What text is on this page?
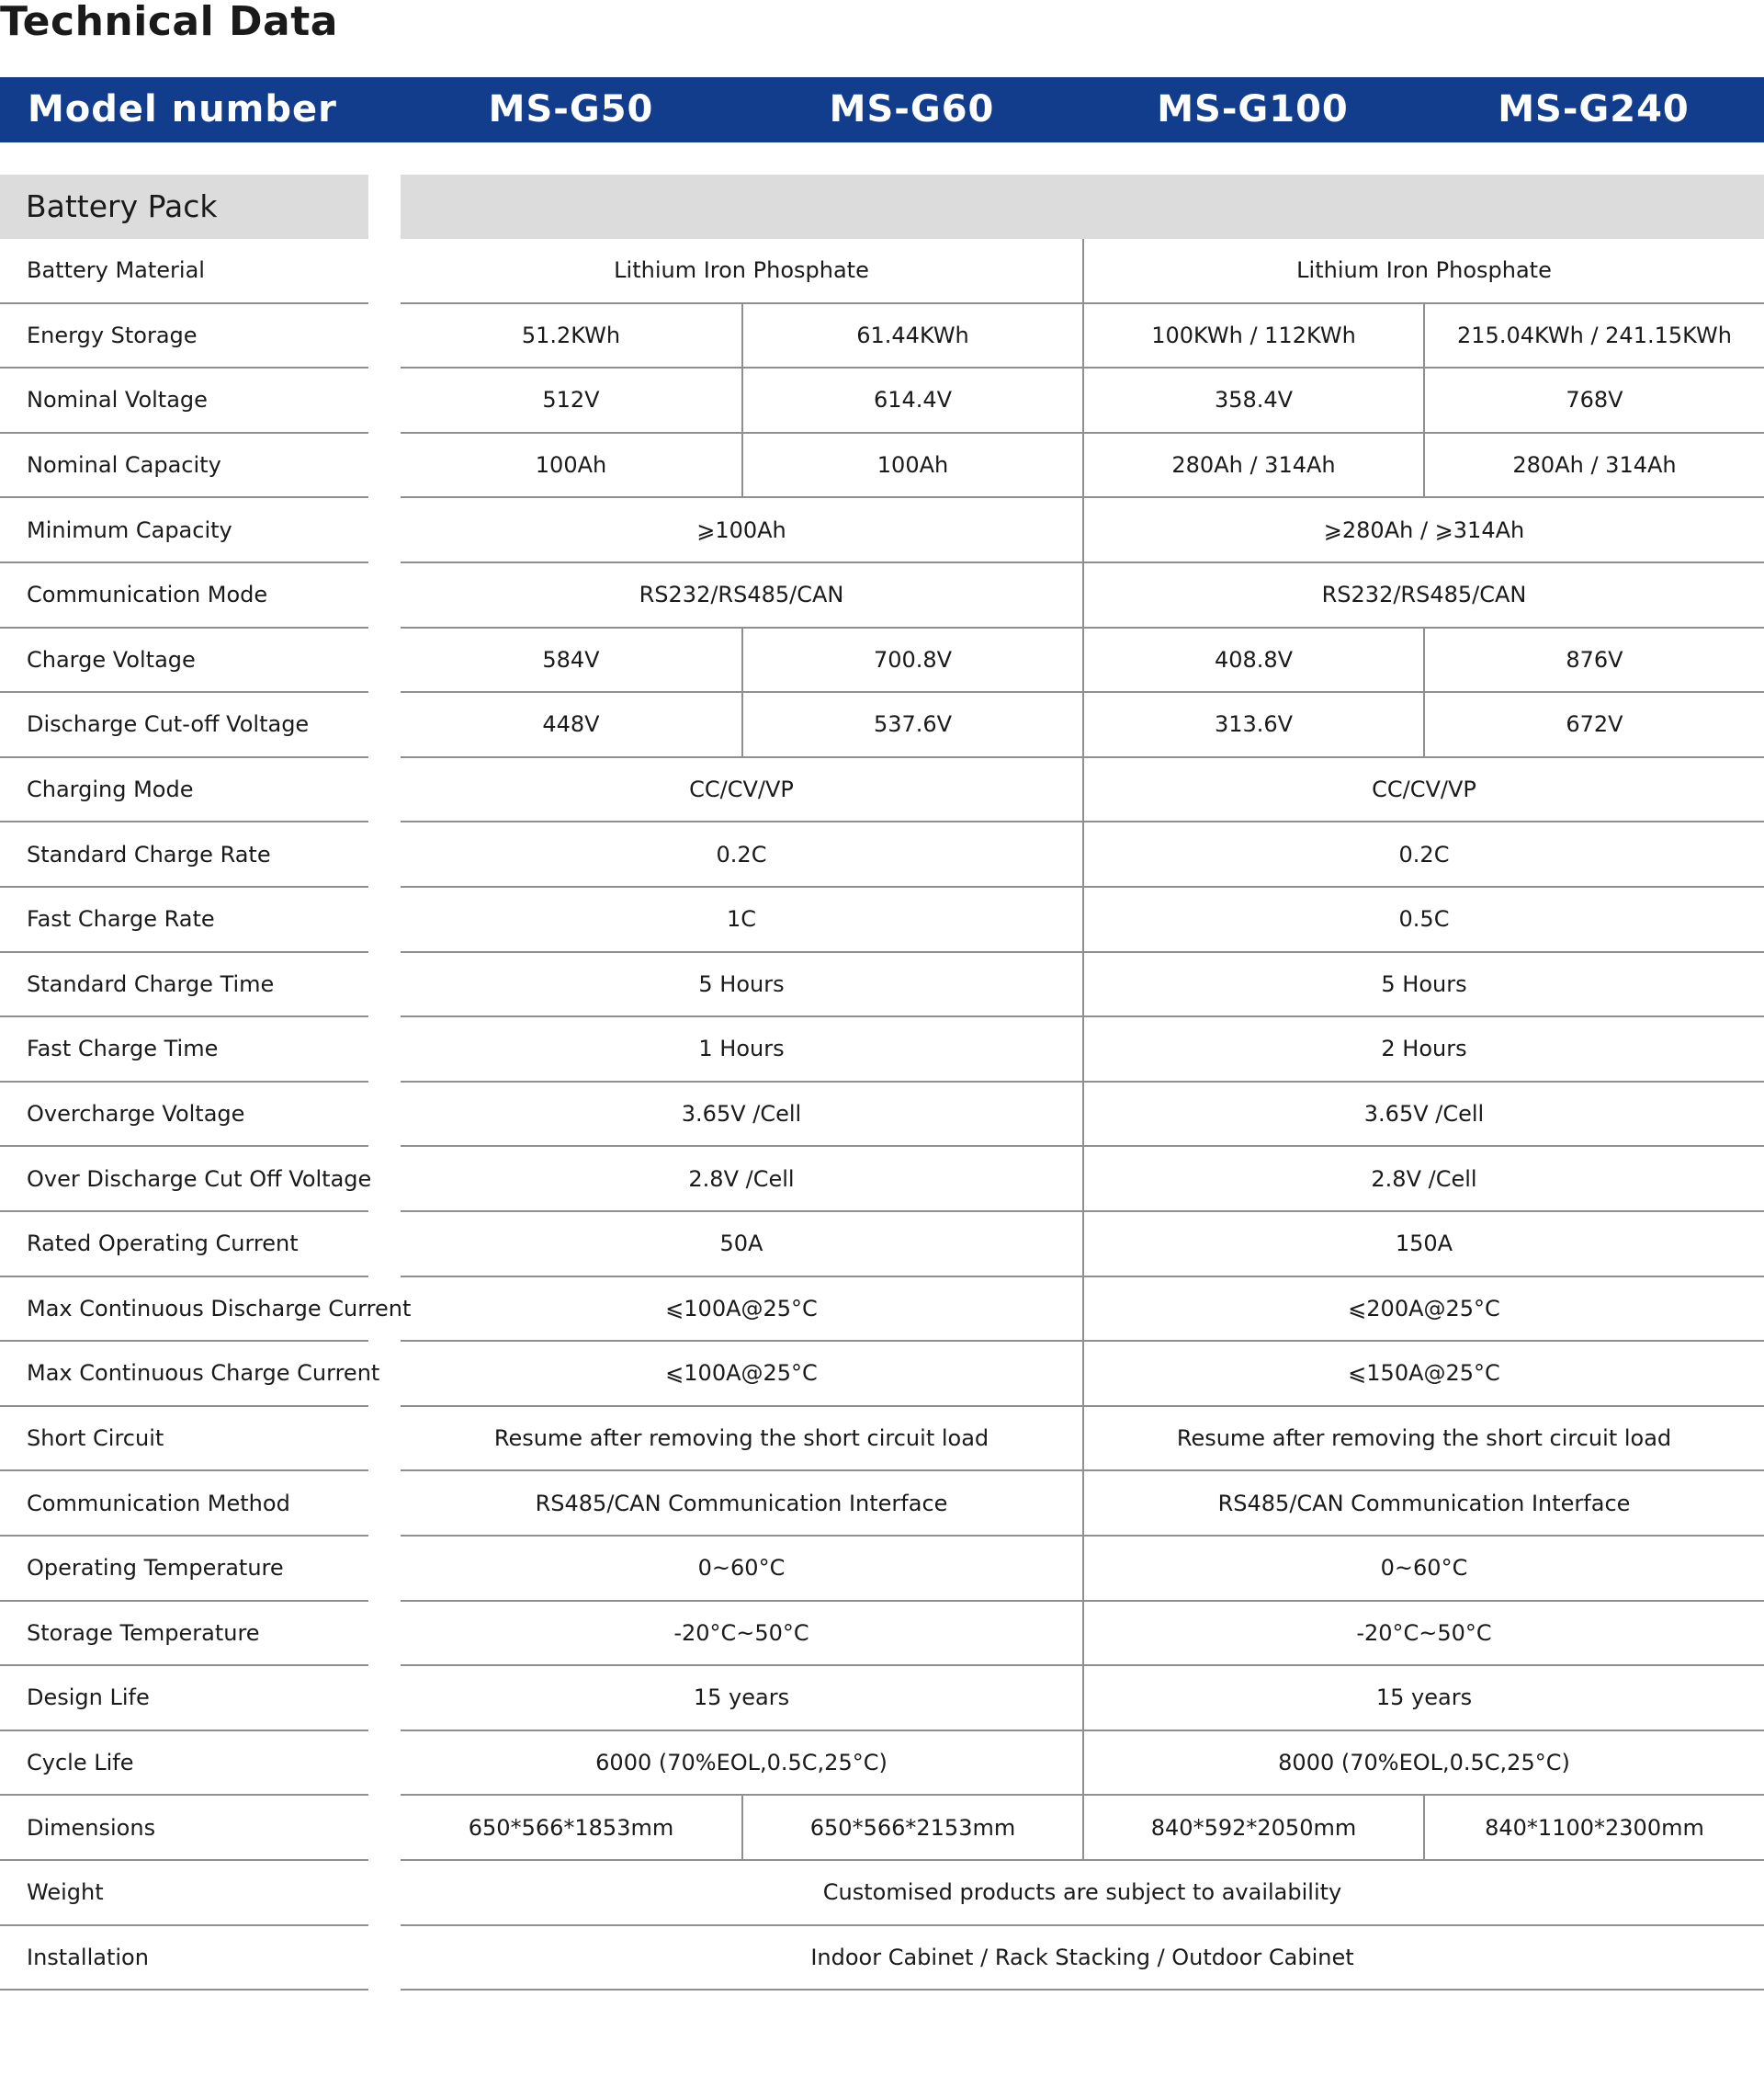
Technical Data
Model number	MS-G50	MS-G60	MS-G100	MS-G240
Battery Pack
Battery Material	Lithium Iron Phosphate	Lithium Iron Phosphate
Energy Storage	51.2KWh	61.44KWh	100KWh / 112KWh	215.04KWh / 241.15KWh
Nominal Voltage	512V	614.4V	358.4V	768V
Nominal Capacity	100Ah	100Ah	280Ah / 314Ah	280Ah / 314Ah
Minimum Capacity	⩾100Ah	⩾280Ah / ⩾314Ah
Communication Mode	RS232/RS485/CAN	RS232/RS485/CAN
Charge Voltage	584V	700.8V	408.8V	876V
Discharge Cut-off Voltage	448V	537.6V	313.6V	672V
Charging Mode	CC/CV/VP	CC/CV/VP
Standard Charge Rate	0.2C	0.2C
Fast Charge Rate	1C	0.5C
Standard Charge Time	5 Hours	5 Hours
Fast Charge Time	1 Hours	2 Hours
Overcharge Voltage	3.65V /Cell	3.65V /Cell
Over Discharge Cut Off Voltage	2.8V /Cell	2.8V /Cell
Rated Operating Current	50A	150A
Max Continuous Discharge Current	⩽100A@25°C	⩽200A@25°C
Max Continuous Charge Current	⩽100A@25°C	⩽150A@25°C
Short Circuit	Resume after removing the short circuit load	Resume after removing the short circuit load
Communication Method	RS485/CAN Communication Interface	RS485/CAN Communication Interface
Operating Temperature	0~60°C	0~60°C
Storage Temperature	-20°C~50°C	-20°C~50°C
Design Life	15 years	15 years
Cycle Life	6000 (70%EOL,0.5C,25°C)	8000 (70%EOL,0.5C,25°C)
Dimensions	650*566*1853mm	650*566*2153mm	840*592*2050mm	840*1100*2300mm
Weight	Customised products are subject to availability
Installation	Indoor Cabinet / Rack Stacking / Outdoor Cabinet
